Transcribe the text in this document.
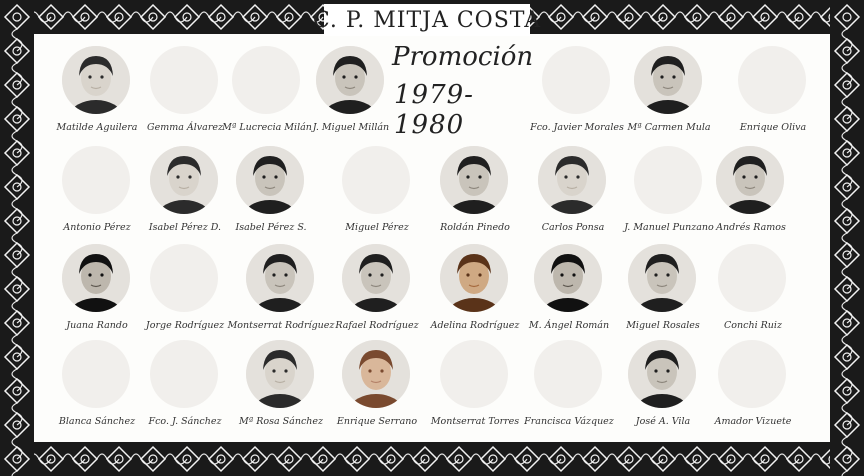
C. P. MITJA COSTA
Promoción
1979-1980
Matilde Aguilera	Gemma Álvarez Mª Lucrecia Milán J. Miguel Millán	Fco. Javier Morales Mª Carmen Mula	Enrique Oliva
Antonio Pérez	Isabel Pérez D.	Isabel Pérez S.	Miguel Pérez	Roldán Pinedo	Carlos Ponsa	J. Manuel Punzano Andrés Ramos
Juana Rando	Jorge Rodríguez Montserrat Rodríguez Rafael Rodríguez	Adelina Rodríguez	M. Ángel Román	Miguel Rosales	Conchi Ruiz
Blanca Sánchez	Fco. J. Sánchez	Mª Rosa Sánchez	Enrique Serrano	Montserrat Torres Francisca Vázquez	José A. Vila	Amador Vizuete
